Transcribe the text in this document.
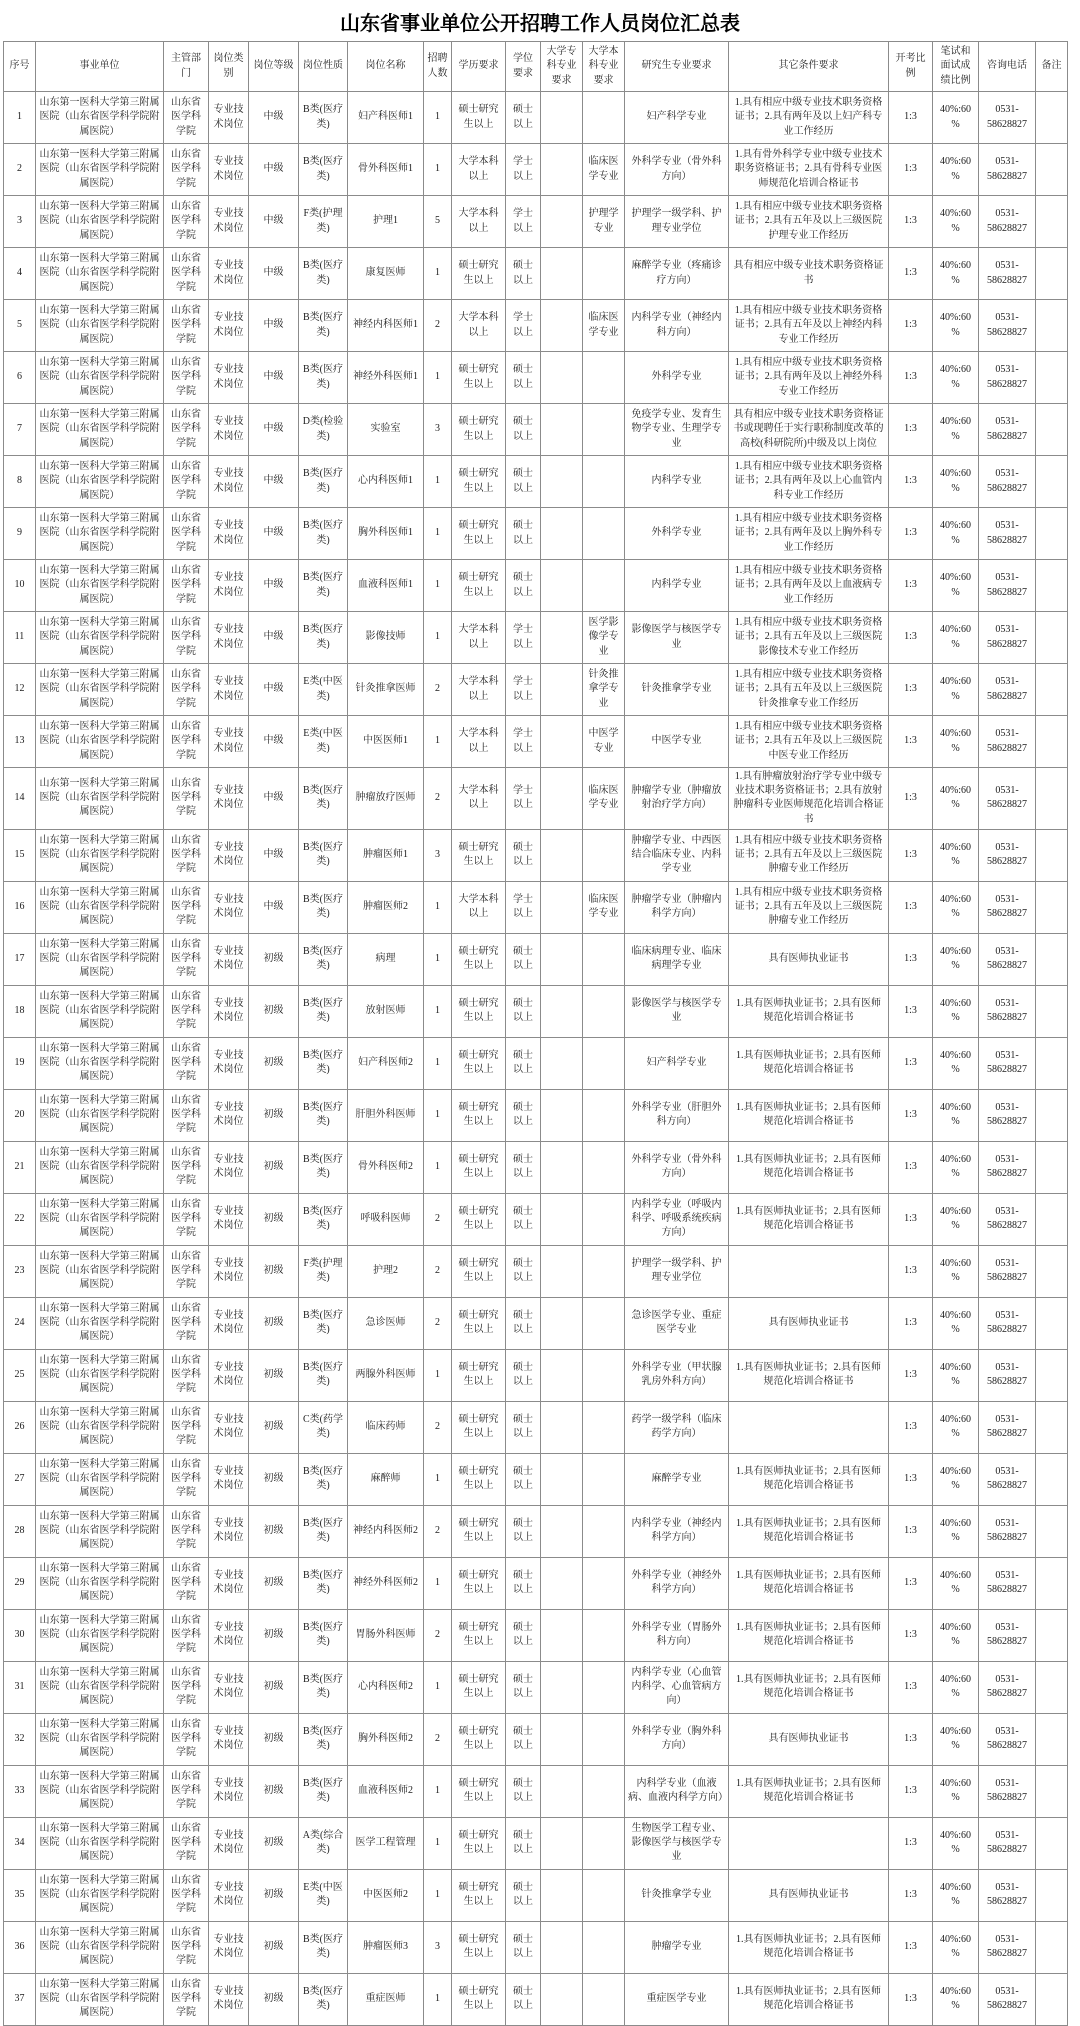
山东省事业单位公开招聘工作人员岗位汇总表
序号	事业单位	主管部门	岗位类别	岗位等级	岗位性质	岗位名称	招聘人数	学历要求	学位要求	大学专科专业要求	大学本科专业要求	研究生专业要求	其它条件要求	开考比例	笔试和面试成绩比例	咨询电话	备注
1	山东第一医科大学第三附属医院（山东省医学科学院附属医院）	山东省医学科学院	专业技术岗位	中级	B类(医疗类)	妇产科医师1	1	硕士研究生以上	硕士以上			妇产科学专业	1.具有相应中级专业技术职务资格证书；2.具有两年及以上妇产科专业工作经历	1:3	40%:60%	0531-58628827	
2	山东第一医科大学第三附属医院（山东省医学科学院附属医院）	山东省医学科学院	专业技术岗位	中级	B类(医疗类)	骨外科医师1	1	大学本科以上	学士以上		临床医学专业	外科学专业（骨外科方向）	1.具有骨外科学专业中级专业技术职务资格证书；2.具有骨科专业医师规范化培训合格证书	1:3	40%:60%	0531-58628827	
3	山东第一医科大学第三附属医院（山东省医学科学院附属医院）	山东省医学科学院	专业技术岗位	中级	F类(护理类)	护理1	5	大学本科以上	学士以上		护理学专业	护理学一级学科、护理专业学位	1.具有相应中级专业技术职务资格证书；2.具有五年及以上三级医院护理专业工作经历	1:3	40%:60%	0531-58628827	
4	山东第一医科大学第三附属医院（山东省医学科学院附属医院）	山东省医学科学院	专业技术岗位	中级	B类(医疗类)	康复医师	1	硕士研究生以上	硕士以上			麻醉学专业（疼痛诊疗方向）	具有相应中级专业技术职务资格证书	1:3	40%:60%	0531-58628827	
5	山东第一医科大学第三附属医院（山东省医学科学院附属医院）	山东省医学科学院	专业技术岗位	中级	B类(医疗类)	神经内科医师1	2	大学本科以上	学士以上		临床医学专业	内科学专业（神经内科方向）	1.具有相应中级专业技术职务资格证书；2.具有五年及以上神经内科专业工作经历	1:3	40%:60%	0531-58628827	
6	山东第一医科大学第三附属医院（山东省医学科学院附属医院）	山东省医学科学院	专业技术岗位	中级	B类(医疗类)	神经外科医师1	1	硕士研究生以上	硕士以上			外科学专业	1.具有相应中级专业技术职务资格证书；2.具有两年及以上神经外科专业工作经历	1:3	40%:60%	0531-58628827	
7	山东第一医科大学第三附属医院（山东省医学科学院附属医院）	山东省医学科学院	专业技术岗位	中级	D类(检验类)	实验室	3	硕士研究生以上	硕士以上			免疫学专业、发育生物学专业、生理学专业	具有相应中级专业技术职务资格证书或现聘任于实行职称制度改革的高校(科研院所)中级及以上岗位	1:3	40%:60%	0531-58628827	
8	山东第一医科大学第三附属医院（山东省医学科学院附属医院）	山东省医学科学院	专业技术岗位	中级	B类(医疗类)	心内科医师1	1	硕士研究生以上	硕士以上			内科学专业	1.具有相应中级专业技术职务资格证书；2.具有两年及以上心血管内科专业工作经历	1:3	40%:60%	0531-58628827	
9	山东第一医科大学第三附属医院（山东省医学科学院附属医院）	山东省医学科学院	专业技术岗位	中级	B类(医疗类)	胸外科医师1	1	硕士研究生以上	硕士以上			外科学专业	1.具有相应中级专业技术职务资格证书；2.具有两年及以上胸外科专业工作经历	1:3	40%:60%	0531-58628827	
10	山东第一医科大学第三附属医院（山东省医学科学院附属医院）	山东省医学科学院	专业技术岗位	中级	B类(医疗类)	血液科医师1	1	硕士研究生以上	硕士以上			内科学专业	1.具有相应中级专业技术职务资格证书；2.具有两年及以上血液病专业工作经历	1:3	40%:60%	0531-58628827	
11	山东第一医科大学第三附属医院（山东省医学科学院附属医院）	山东省医学科学院	专业技术岗位	中级	B类(医疗类)	影像技师	1	大学本科以上	学士以上		医学影像学专业	影像医学与核医学专业	1.具有相应中级专业技术职务资格证书；2.具有五年及以上三级医院影像技术专业工作经历	1:3	40%:60%	0531-58628827	
12	山东第一医科大学第三附属医院（山东省医学科学院附属医院）	山东省医学科学院	专业技术岗位	中级	E类(中医类)	针灸推拿医师	2	大学本科以上	学士以上		针灸推拿学专业	针灸推拿学专业	1.具有相应中级专业技术职务资格证书；2.具有五年及以上三级医院针灸推拿专业工作经历	1:3	40%:60%	0531-58628827	
13	山东第一医科大学第三附属医院（山东省医学科学院附属医院）	山东省医学科学院	专业技术岗位	中级	E类(中医类)	中医医师1	1	大学本科以上	学士以上		中医学专业	中医学专业	1.具有相应中级专业技术职务资格证书；2.具有五年及以上三级医院中医专业工作经历	1:3	40%:60%	0531-58628827	
14	山东第一医科大学第三附属医院（山东省医学科学院附属医院）	山东省医学科学院	专业技术岗位	中级	B类(医疗类)	肿瘤放疗医师	2	大学本科以上	学士以上		临床医学专业	肿瘤学专业（肿瘤放射治疗学方向）	1.具有肿瘤放射治疗学专业中级专业技术职务资格证书；2.具有放射肿瘤科专业医师规范化培训合格证书	1:3	40%:60%	0531-58628827	
15	山东第一医科大学第三附属医院（山东省医学科学院附属医院）	山东省医学科学院	专业技术岗位	中级	B类(医疗类)	肿瘤医师1	3	硕士研究生以上	硕士以上			肿瘤学专业、中西医结合临床专业、内科学专业	1.具有相应中级专业技术职务资格证书；2.具有五年及以上三级医院肿瘤专业工作经历	1:3	40%:60%	0531-58628827	
16	山东第一医科大学第三附属医院（山东省医学科学院附属医院）	山东省医学科学院	专业技术岗位	中级	B类(医疗类)	肿瘤医师2	1	大学本科以上	学士以上		临床医学专业	肿瘤学专业（肿瘤内科学方向）	1.具有相应中级专业技术职务资格证书；2.具有五年及以上三级医院肿瘤专业工作经历	1:3	40%:60%	0531-58628827	
17	山东第一医科大学第三附属医院（山东省医学科学院附属医院）	山东省医学科学院	专业技术岗位	初级	B类(医疗类)	病理	1	硕士研究生以上	硕士以上			临床病理专业、临床病理学专业	具有医师执业证书	1:3	40%:60%	0531-58628827	
18	山东第一医科大学第三附属医院（山东省医学科学院附属医院）	山东省医学科学院	专业技术岗位	初级	B类(医疗类)	放射医师	1	硕士研究生以上	硕士以上			影像医学与核医学专业	1.具有医师执业证书；2.具有医师规范化培训合格证书	1:3	40%:60%	0531-58628827	
19	山东第一医科大学第三附属医院（山东省医学科学院附属医院）	山东省医学科学院	专业技术岗位	初级	B类(医疗类)	妇产科医师2	1	硕士研究生以上	硕士以上			妇产科学专业	1.具有医师执业证书；2.具有医师规范化培训合格证书	1:3	40%:60%	0531-58628827	
20	山东第一医科大学第三附属医院（山东省医学科学院附属医院）	山东省医学科学院	专业技术岗位	初级	B类(医疗类)	肝胆外科医师	1	硕士研究生以上	硕士以上			外科学专业（肝胆外科方向）	1.具有医师执业证书；2.具有医师规范化培训合格证书	1:3	40%:60%	0531-58628827	
21	山东第一医科大学第三附属医院（山东省医学科学院附属医院）	山东省医学科学院	专业技术岗位	初级	B类(医疗类)	骨外科医师2	1	硕士研究生以上	硕士以上			外科学专业（骨外科方向）	1.具有医师执业证书；2.具有医师规范化培训合格证书	1:3	40%:60%	0531-58628827	
22	山东第一医科大学第三附属医院（山东省医学科学院附属医院）	山东省医学科学院	专业技术岗位	初级	B类(医疗类)	呼吸科医师	2	硕士研究生以上	硕士以上			内科学专业（呼吸内科学、呼吸系统疾病方向）	1.具有医师执业证书；2.具有医师规范化培训合格证书	1:3	40%:60%	0531-58628827	
23	山东第一医科大学第三附属医院（山东省医学科学院附属医院）	山东省医学科学院	专业技术岗位	初级	F类(护理类)	护理2	2	硕士研究生以上	硕士以上			护理学一级学科、护理专业学位		1:3	40%:60%	0531-58628827	
24	山东第一医科大学第三附属医院（山东省医学科学院附属医院）	山东省医学科学院	专业技术岗位	初级	B类(医疗类)	急诊医师	2	硕士研究生以上	硕士以上			急诊医学专业、重症医学专业	具有医师执业证书	1:3	40%:60%	0531-58628827	
25	山东第一医科大学第三附属医院（山东省医学科学院附属医院）	山东省医学科学院	专业技术岗位	初级	B类(医疗类)	两腺外科医师	1	硕士研究生以上	硕士以上			外科学专业（甲状腺乳房外科方向）	1.具有医师执业证书；2.具有医师规范化培训合格证书	1:3	40%:60%	0531-58628827	
26	山东第一医科大学第三附属医院（山东省医学科学院附属医院）	山东省医学科学院	专业技术岗位	初级	C类(药学类)	临床药师	2	硕士研究生以上	硕士以上			药学一级学科（临床药学方向）		1:3	40%:60%	0531-58628827	
27	山东第一医科大学第三附属医院（山东省医学科学院附属医院）	山东省医学科学院	专业技术岗位	初级	B类(医疗类)	麻醉师	1	硕士研究生以上	硕士以上			麻醉学专业	1.具有医师执业证书；2.具有医师规范化培训合格证书	1:3	40%:60%	0531-58628827	
28	山东第一医科大学第三附属医院（山东省医学科学院附属医院）	山东省医学科学院	专业技术岗位	初级	B类(医疗类)	神经内科医师2	2	硕士研究生以上	硕士以上			内科学专业（神经内科学方向）	1.具有医师执业证书；2.具有医师规范化培训合格证书	1:3	40%:60%	0531-58628827	
29	山东第一医科大学第三附属医院（山东省医学科学院附属医院）	山东省医学科学院	专业技术岗位	初级	B类(医疗类)	神经外科医师2	1	硕士研究生以上	硕士以上			外科学专业（神经外科学方向）	1.具有医师执业证书；2.具有医师规范化培训合格证书	1:3	40%:60%	0531-58628827	
30	山东第一医科大学第三附属医院（山东省医学科学院附属医院）	山东省医学科学院	专业技术岗位	初级	B类(医疗类)	胃肠外科医师	2	硕士研究生以上	硕士以上			外科学专业（胃肠外科方向）	1.具有医师执业证书；2.具有医师规范化培训合格证书	1:3	40%:60%	0531-58628827	
31	山东第一医科大学第三附属医院（山东省医学科学院附属医院）	山东省医学科学院	专业技术岗位	初级	B类(医疗类)	心内科医师2	1	硕士研究生以上	硕士以上			内科学专业（心血管内科学、心血管病方向）	1.具有医师执业证书；2.具有医师规范化培训合格证书	1:3	40%:60%	0531-58628827	
32	山东第一医科大学第三附属医院（山东省医学科学院附属医院）	山东省医学科学院	专业技术岗位	初级	B类(医疗类)	胸外科医师2	2	硕士研究生以上	硕士以上			外科学专业（胸外科方向）	具有医师执业证书	1:3	40%:60%	0531-58628827	
33	山东第一医科大学第三附属医院（山东省医学科学院附属医院）	山东省医学科学院	专业技术岗位	初级	B类(医疗类)	血液科医师2	1	硕士研究生以上	硕士以上			内科学专业（血液病、血液内科学方向）	1.具有医师执业证书；2.具有医师规范化培训合格证书	1:3	40%:60%	0531-58628827	
34	山东第一医科大学第三附属医院（山东省医学科学院附属医院）	山东省医学科学院	专业技术岗位	初级	A类(综合类)	医学工程管理	1	硕士研究生以上	硕士以上			生物医学工程专业、影像医学与核医学专业		1:3	40%:60%	0531-58628827	
35	山东第一医科大学第三附属医院（山东省医学科学院附属医院）	山东省医学科学院	专业技术岗位	初级	E类(中医类)	中医医师2	1	硕士研究生以上	硕士以上			针灸推拿学专业	具有医师执业证书	1:3	40%:60%	0531-58628827	
36	山东第一医科大学第三附属医院（山东省医学科学院附属医院）	山东省医学科学院	专业技术岗位	初级	B类(医疗类)	肿瘤医师3	3	硕士研究生以上	硕士以上			肿瘤学专业	1.具有医师执业证书；2.具有医师规范化培训合格证书	1:3	40%:60%	0531-58628827	
37	山东第一医科大学第三附属医院（山东省医学科学院附属医院）	山东省医学科学院	专业技术岗位	初级	B类(医疗类)	重症医师	1	硕士研究生以上	硕士以上			重症医学专业	1.具有医师执业证书；2.具有医师规范化培训合格证书	1:3	40%:60%	0531-58628827	
